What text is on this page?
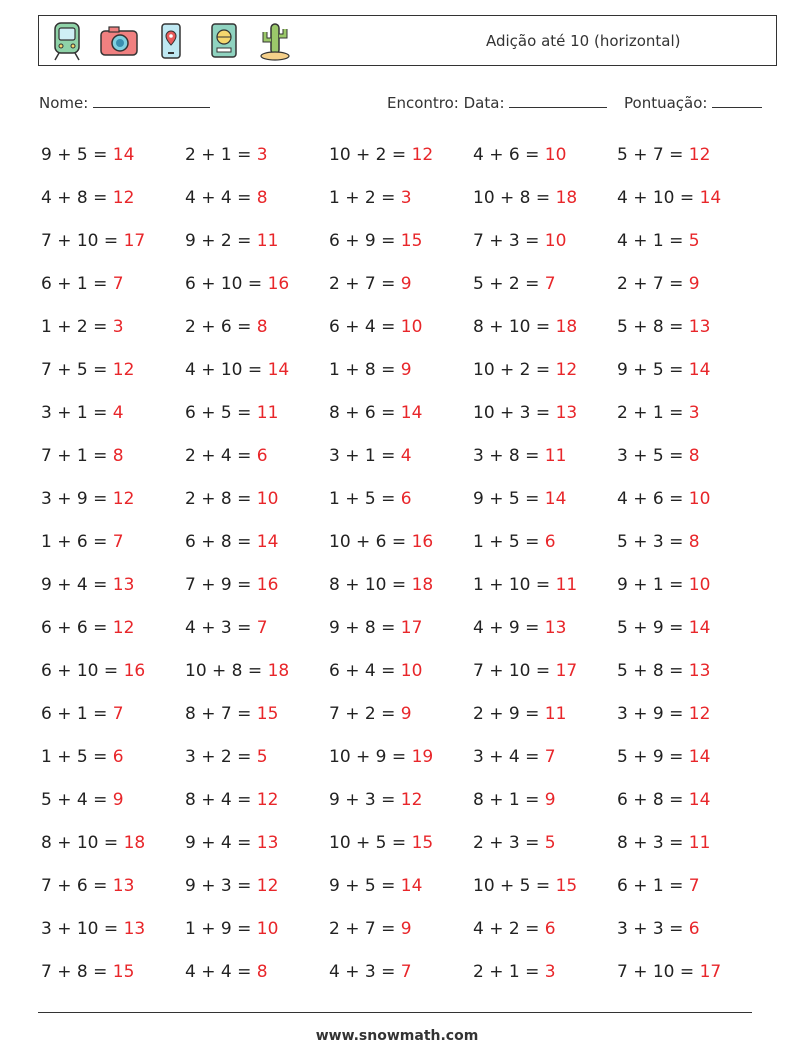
Adição até 10 (horizontal)
Nome:	Encontro: Data:	Pontuação:
9 + 5 = 14	2 + 1 = 3	10 + 2 = 12 4 + 6 = 10	5 + 7 = 12
4 + 8 = 12	4 + 4 = 8	1 + 2 = 3	10 + 8 = 18 4 + 10 = 14
7 + 10 = 17 9 + 2 = 11	6 + 9 = 15	7 + 3 = 10	4 + 1 = 5
6 + 1 = 7	6 + 10 = 16 2 + 7 = 9	5 + 2 = 7	2 + 7 = 9
1 + 2 = 3	2 + 6 = 8	6 + 4 = 10	8 + 10 = 18 5 + 8 = 13
7 + 5 = 12	4 + 10 = 14 1 + 8 = 9	10 + 2 = 12 9 + 5 = 14
3 + 1 = 4	6 + 5 = 11	8 + 6 = 14	10 + 3 = 13 2 + 1 = 3
7 + 1 = 8	2 + 4 = 6	3 + 1 = 4	3 + 8 = 11	3 + 5 = 8
3 + 9 = 12	2 + 8 = 10	1 + 5 = 6	9 + 5 = 14	4 + 6 = 10
1 + 6 = 7	6 + 8 = 14	10 + 6 = 16 1 + 5 = 6	5 + 3 = 8
9 + 4 = 13	7 + 9 = 16	8 + 10 = 18 1 + 10 = 11 9 + 1 = 10
6 + 6 = 12	4 + 3 = 7	9 + 8 = 17	4 + 9 = 13	5 + 9 = 14
6 + 10 = 16 10 + 8 = 18 6 + 4 = 10	7 + 10 = 17 5 + 8 = 13
6 + 1 = 7	8 + 7 = 15	7 + 2 = 9	2 + 9 = 11	3 + 9 = 12
1 + 5 = 6	3 + 2 = 5	10 + 9 = 19 3 + 4 = 7	5 + 9 = 14
5 + 4 = 9	8 + 4 = 12	9 + 3 = 12	8 + 1 = 9	6 + 8 = 14
8 + 10 = 18 9 + 4 = 13	10 + 5 = 15 2 + 3 = 5	8 + 3 = 11
7 + 6 = 13	9 + 3 = 12	9 + 5 = 14	10 + 5 = 15 6 + 1 = 7
3 + 10 = 13 1 + 9 = 10	2 + 7 = 9	4 + 2 = 6	3 + 3 = 6
7 + 8 = 15	4 + 4 = 8	4 + 3 = 7	2 + 1 = 3	7 + 10 = 17
www.snowmath.com
